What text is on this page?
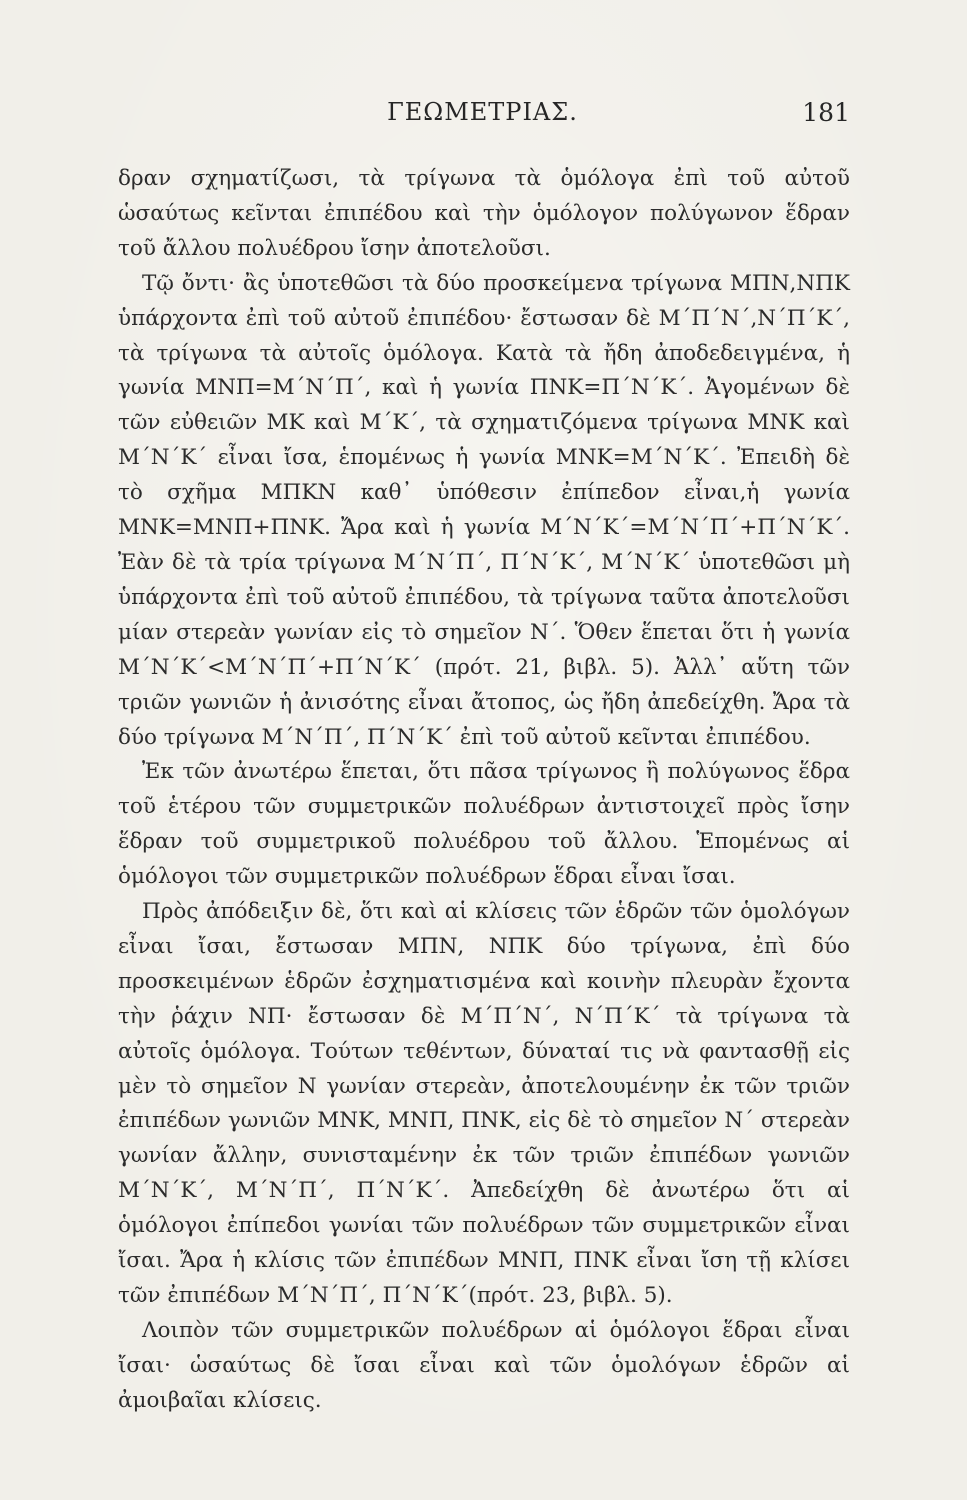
ΓΕΩΜΕΤΡΙΑΣ.	181

δραν σχηματίζωσι, τὰ τρίγωνα τὰ ὁμόλογα ἐπὶ τοῦ αὐτοῦ ὡσαύτως κεῖνται ἐπιπέδου καὶ τὴν ὁμόλογον πολύγωνον ἕδραν τοῦ ἄλλου πολυέδρου ἴσην ἀποτελοῦσι.

Τῷ ὄντι· ἂς ὑποτεθῶσι τὰ δύο προσκείμενα τρίγωνα ΜΠΝ,ΝΠΚ ὑπάρχοντα ἐπὶ τοῦ αὐτοῦ ἐπιπέδου· ἔστωσαν δὲ Μ΄Π΄Ν΄,Ν΄Π΄Κ΄, τὰ τρίγωνα τὰ αὐτοῖς ὁμόλογα. Κατὰ τὰ ἤδη ἀποδεδειγμένα, ἡ γωνία ΜΝΠ=Μ΄Ν΄Π΄, καὶ ἡ γωνία ΠΝΚ=Π΄Ν΄Κ΄. Ἀγομένων δὲ τῶν εὐθειῶν ΜΚ καὶ Μ΄Κ΄, τὰ σχηματιζόμενα τρίγωνα ΜΝΚ καὶ Μ΄Ν΄Κ΄ εἶναι ἴσα, ἑπομένως ἡ γωνία ΜΝΚ=Μ΄Ν΄Κ΄. Ἐπειδὴ δὲ τὸ σχῆμα ΜΠΚΝ καθ᾽ ὑπόθεσιν ἐπίπεδον εἶναι,ἡ γωνία ΜΝΚ=ΜΝΠ+ΠΝΚ. Ἄρα καὶ ἡ γωνία Μ΄Ν΄Κ΄=Μ΄Ν΄Π΄+Π΄Ν΄Κ΄. Ἐὰν δὲ τὰ τρία τρίγωνα Μ΄Ν΄Π΄, Π΄Ν΄Κ΄, Μ΄Ν΄Κ΄ ὑποτεθῶσι μὴ ὑπάρχοντα ἐπὶ τοῦ αὐτοῦ ἐπιπέδου, τὰ τρίγωνα ταῦτα ἀποτελοῦσι μίαν στερεὰν γωνίαν εἰς τὸ σημεῖον Ν΄. Ὅθεν ἕπεται ὅτι ἡ γωνία Μ΄Ν΄Κ΄<Μ΄Ν΄Π΄+Π΄Ν΄Κ΄ (πρότ. 21, βιβλ. 5). Ἀλλ᾽ αὕτη τῶν τριῶν γωνιῶν ἡ ἀνισότης εἶναι ἄτοπος, ὡς ἤδη ἀπεδείχθη. Ἄρα τὰ δύο τρίγωνα Μ΄Ν΄Π΄, Π΄Ν΄Κ΄ ἐπὶ τοῦ αὐτοῦ κεῖνται ἐπιπέδου.

Ἐκ τῶν ἀνωτέρω ἕπεται, ὅτι πᾶσα τρίγωνος ἢ πολύγωνος ἕδρα τοῦ ἑτέρου τῶν συμμετρικῶν πολυέδρων ἀντιστοιχεῖ πρὸς ἴσην ἕδραν τοῦ συμμετρικοῦ πολυέδρου τοῦ ἄλλου. Ἑπομένως αἱ ὁμόλογοι τῶν συμμετρικῶν πολυέδρων ἕδραι εἶναι ἴσαι.

Πρὸς ἀπόδειξιν δὲ, ὅτι καὶ αἱ κλίσεις τῶν ἑδρῶν τῶν ὁμολόγων εἶναι ἴσαι, ἔστωσαν ΜΠΝ, ΝΠΚ δύο τρίγωνα, ἐπὶ δύο προσκειμένων ἑδρῶν ἐσχηματισμένα καὶ κοινὴν πλευρὰν ἔχοντα τὴν ῥάχιν ΝΠ· ἔστωσαν δὲ Μ΄Π΄Ν΄, Ν΄Π΄Κ΄ τὰ τρίγωνα τὰ αὐτοῖς ὁμόλογα. Τούτων τεθέντων, δύναταί τις νὰ φαντασθῇ εἰς μὲν τὸ σημεῖον Ν γωνίαν στερεὰν, ἀποτελουμένην ἐκ τῶν τριῶν ἐπιπέδων γωνιῶν ΜΝΚ, ΜΝΠ, ΠΝΚ, εἰς δὲ τὸ σημεῖον Ν΄ στερεὰν γωνίαν ἄλλην, συνισταμένην ἐκ τῶν τριῶν ἐπιπέδων γωνιῶν Μ΄Ν΄Κ΄, Μ΄Ν΄Π΄, Π΄Ν΄Κ΄. Ἀπεδείχθη δὲ ἀνωτέρω ὅτι αἱ ὁμόλογοι ἐπίπεδοι γωνίαι τῶν πολυέδρων τῶν συμμετρικῶν εἶναι ἴσαι. Ἄρα ἡ κλίσις τῶν ἐπιπέδων ΜΝΠ, ΠΝΚ εἶναι ἴση τῇ κλίσει τῶν ἐπιπέδων Μ΄Ν΄Π΄, Π΄Ν΄Κ΄(πρότ. 23, βιβλ. 5).

Λοιπὸν τῶν συμμετρικῶν πολυέδρων αἱ ὁμόλογοι ἕδραι εἶναι ἴσαι· ὡσαύτως δὲ ἴσαι εἶναι καὶ τῶν ὁμολόγων ἑδρῶν αἱ ἀμοιβαῖαι κλίσεις.
